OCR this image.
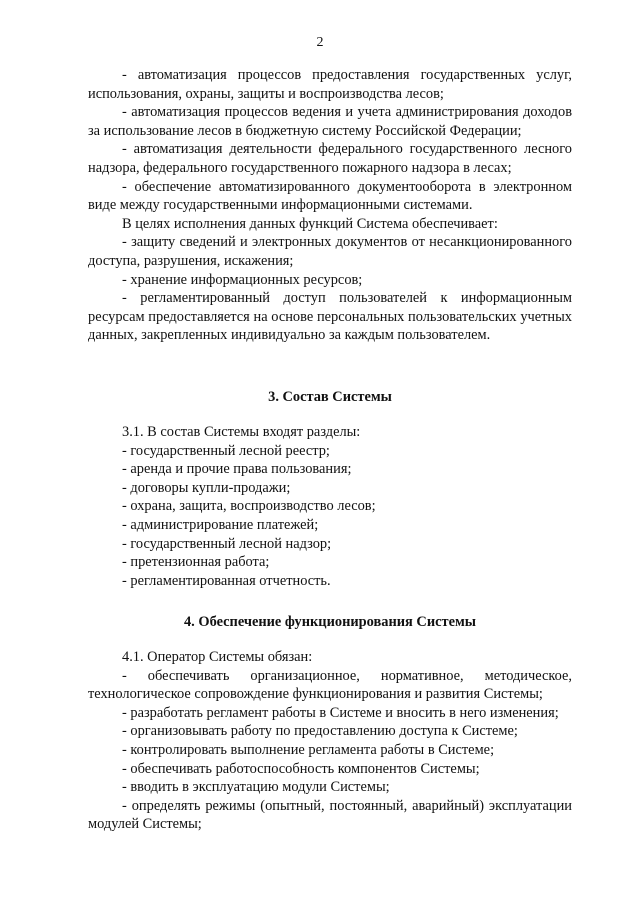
2

- автоматизация процессов предоставления государственных услуг, использования, охраны, защиты и воспроизводства лесов;

- автоматизация процессов ведения и учета администрирования доходов за использование лесов в бюджетную систему Российской Федерации;

- автоматизация деятельности федерального государственного лесного надзора, федерального государственного пожарного надзора в лесах;

- обеспечение автоматизированного документооборота в электронном виде между государственными информационными системами.

В целях исполнения данных функций Система обеспечивает:

- защиту сведений и электронных документов от несанкционированного доступа, разрушения, искажения;

- хранение информационных ресурсов;

- регламентированный доступ пользователей к информационным ресурсам предоставляется на основе персональных пользовательских учетных данных, закрепленных индивидуально за каждым пользователем.

3. Состав Системы

3.1. В состав Системы входят разделы:

- государственный лесной реестр;

- аренда и прочие права пользования;

- договоры купли-продажи;

- охрана, защита, воспроизводство лесов;

- администрирование платежей;

- государственный лесной надзор;

- претензионная работа;

- регламентированная отчетность.

4. Обеспечение функционирования Системы

4.1. Оператор Системы обязан:

- обеспечивать организационное, нормативное, методическое, технологическое сопровождение функционирования и развития Системы;

- разработать регламент работы в Системе и вносить в него изменения;

- организовывать работу по предоставлению доступа к Системе;

- контролировать выполнение регламента работы в Системе;

- обеспечивать работоспособность компонентов Системы;

- вводить в эксплуатацию модули Системы;

- определять режимы (опытный, постоянный, аварийный) эксплуатации модулей Системы;
